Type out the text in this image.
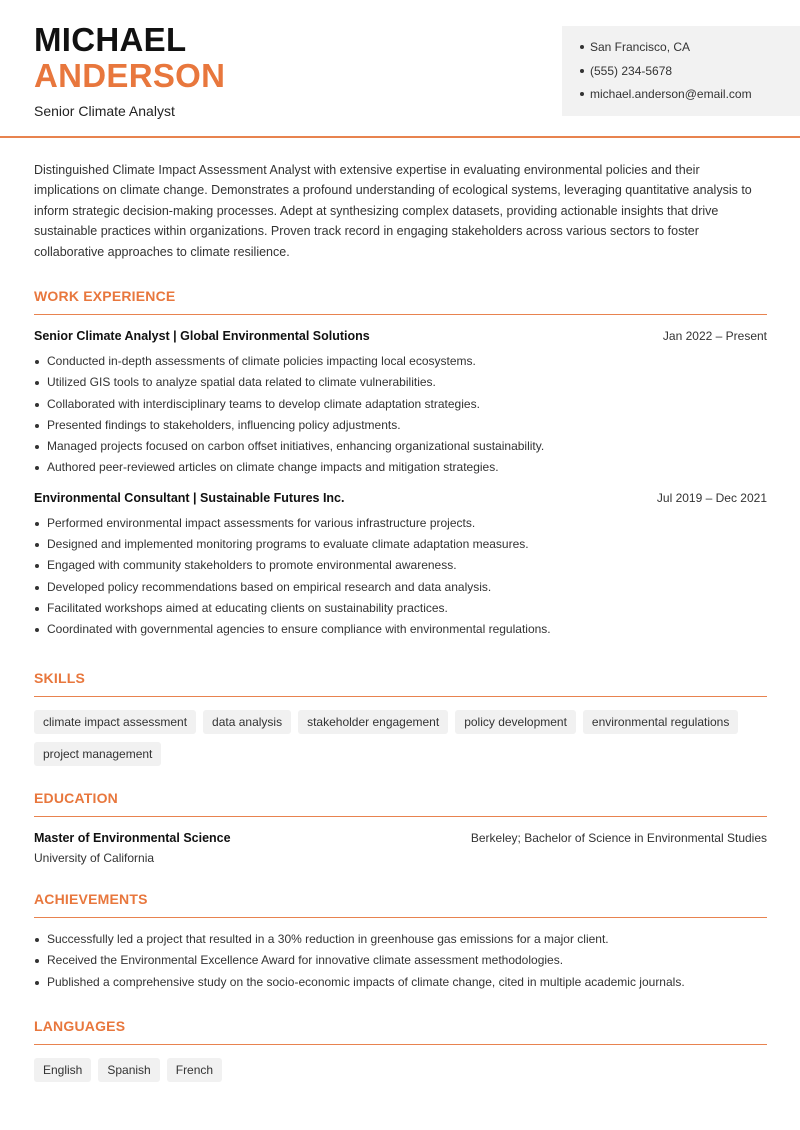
MICHAEL
ANDERSON
Senior Climate Analyst
San Francisco, CA
(555) 234-5678
michael.anderson@email.com

Distinguished Climate Impact Assessment Analyst with extensive expertise in evaluating environmental policies and their implications on climate change. Demonstrates a profound understanding of ecological systems, leveraging quantitative analysis to inform strategic decision-making processes. Adept at synthesizing complex datasets, providing actionable insights that drive sustainable practices within organizations. Proven track record in engaging stakeholders across various sectors to foster collaborative approaches to climate resilience.

WORK EXPERIENCE
Senior Climate Analyst | Global Environmental Solutions	Jan 2022 – Present
Conducted in-depth assessments of climate policies impacting local ecosystems.
Utilized GIS tools to analyze spatial data related to climate vulnerabilities.
Collaborated with interdisciplinary teams to develop climate adaptation strategies.
Presented findings to stakeholders, influencing policy adjustments.
Managed projects focused on carbon offset initiatives, enhancing organizational sustainability.
Authored peer-reviewed articles on climate change impacts and mitigation strategies.
Environmental Consultant | Sustainable Futures Inc.	Jul 2019 – Dec 2021
Performed environmental impact assessments for various infrastructure projects.
Designed and implemented monitoring programs to evaluate climate adaptation measures.
Engaged with community stakeholders to promote environmental awareness.
Developed policy recommendations based on empirical research and data analysis.
Facilitated workshops aimed at educating clients on sustainability practices.
Coordinated with governmental agencies to ensure compliance with environmental regulations.
SKILLS
climate impact assessment	data analysis	stakeholder engagement	policy development	environmental regulations
project management
EDUCATION
Master of Environmental Science	Berkeley; Bachelor of Science in Environmental Studies
University of California
ACHIEVEMENTS
Successfully led a project that resulted in a 30% reduction in greenhouse gas emissions for a major client.
Received the Environmental Excellence Award for innovative climate assessment methodologies.
Published a comprehensive study on the socio-economic impacts of climate change, cited in multiple academic journals.
LANGUAGES
English	Spanish	French
